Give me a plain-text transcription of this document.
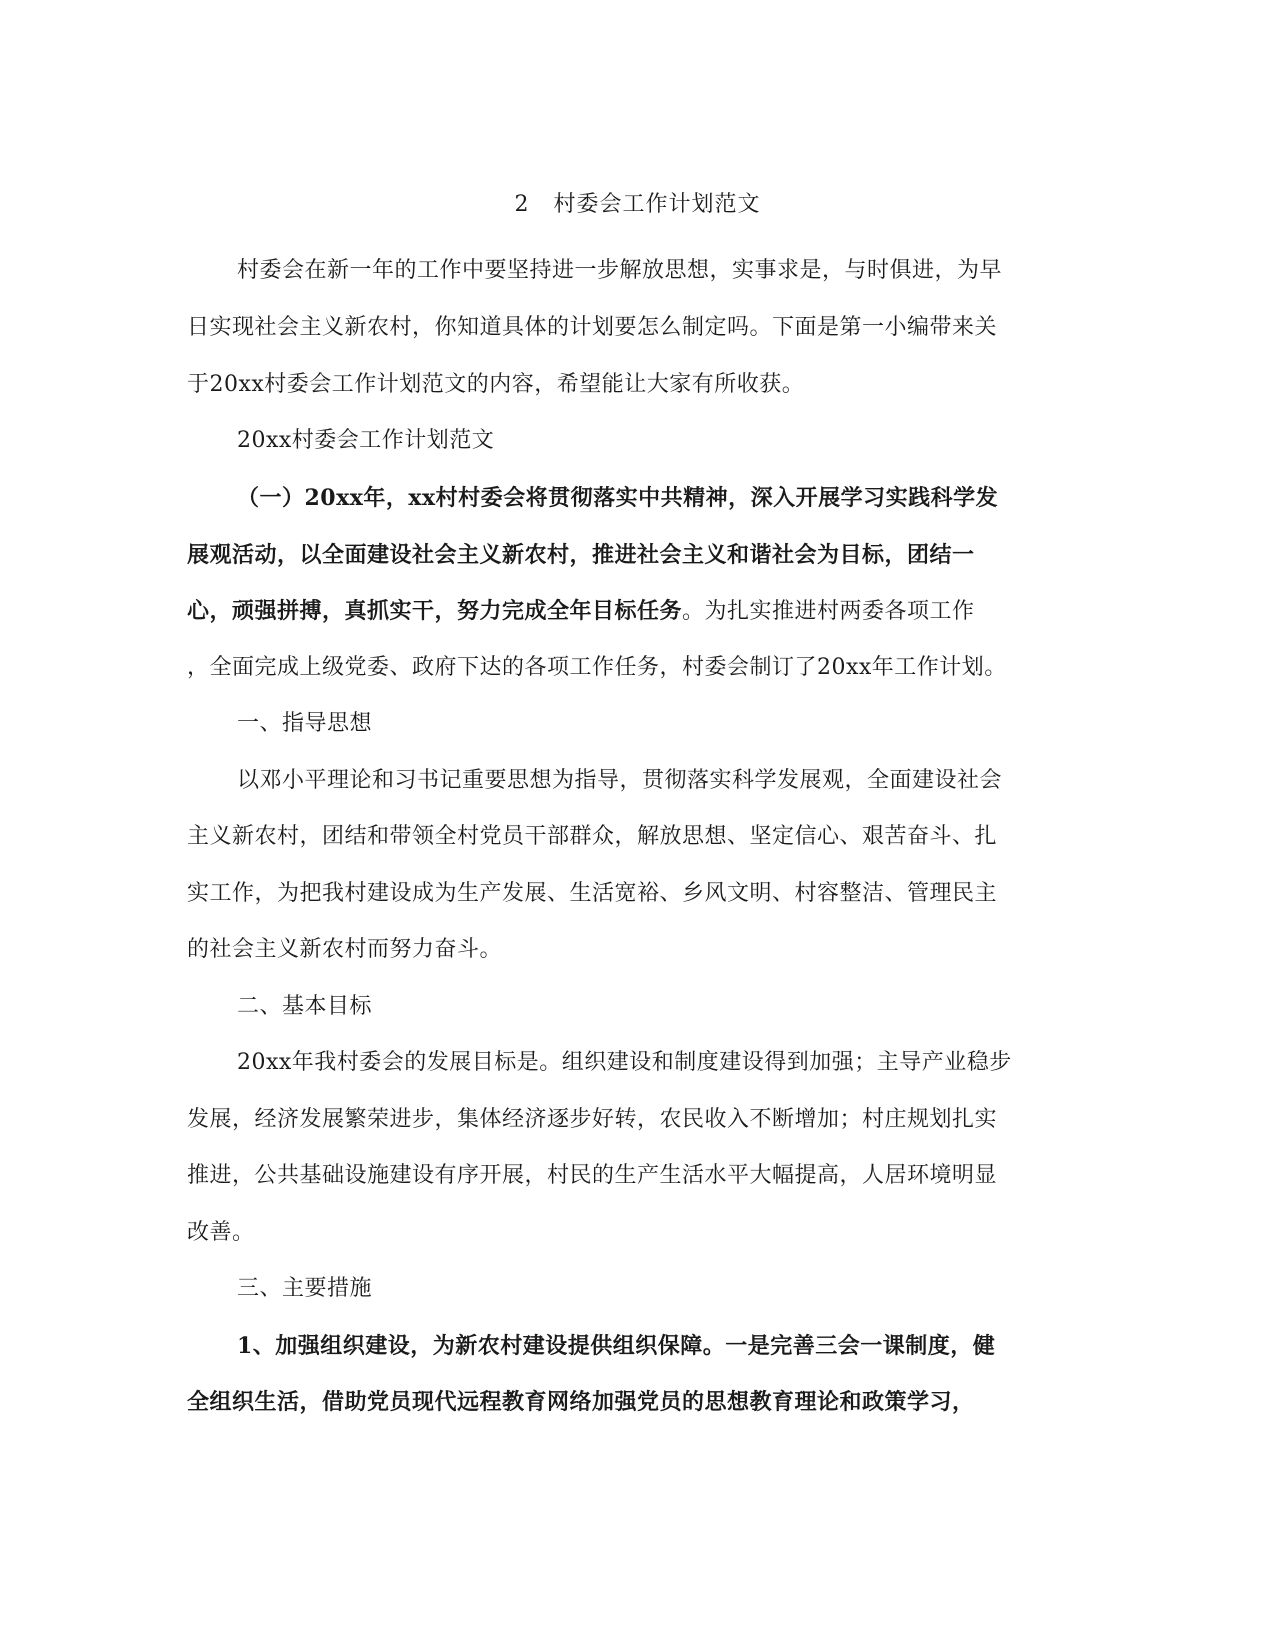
2   村委会工作计划范文
村委会在新一年的工作中要坚持进一步解放思想，实事求是，与时俱进，为早
日实现社会主义新农村，你知道具体的计划要怎么制定吗。下面是第一小编带来关
于20xx村委会工作计划范文的内容，希望能让大家有所收获。
20xx村委会工作计划范文
（一）20xx年，xx村村委会将贯彻落实中共精神，深入开展学习实践科学发
展观活动，以全面建设社会主义新农村，推进社会主义和谐社会为目标，团结一
心，顽强拼搏，真抓实干，努力完成全年目标任务。为扎实推进村两委各项工作
，全面完成上级党委、政府下达的各项工作任务，村委会制订了20xx年工作计划。
一、指导思想
以邓小平理论和习书记重要思想为指导，贯彻落实科学发展观，全面建设社会
主义新农村，团结和带领全村党员干部群众，解放思想、坚定信心、艰苦奋斗、扎
实工作，为把我村建设成为生产发展、生活宽裕、乡风文明、村容整洁、管理民主
的社会主义新农村而努力奋斗。
二、基本目标
20xx年我村委会的发展目标是。组织建设和制度建设得到加强；主导产业稳步
发展，经济发展繁荣进步，集体经济逐步好转，农民收入不断增加；村庄规划扎实
推进，公共基础设施建设有序开展，村民的生产生活水平大幅提高，人居环境明显
改善。
三、主要措施
1、加强组织建设，为新农村建设提供组织保障。一是完善三会一课制度，健
全组织生活，借助党员现代远程教育网络加强党员的思想教育理论和政策学习，
